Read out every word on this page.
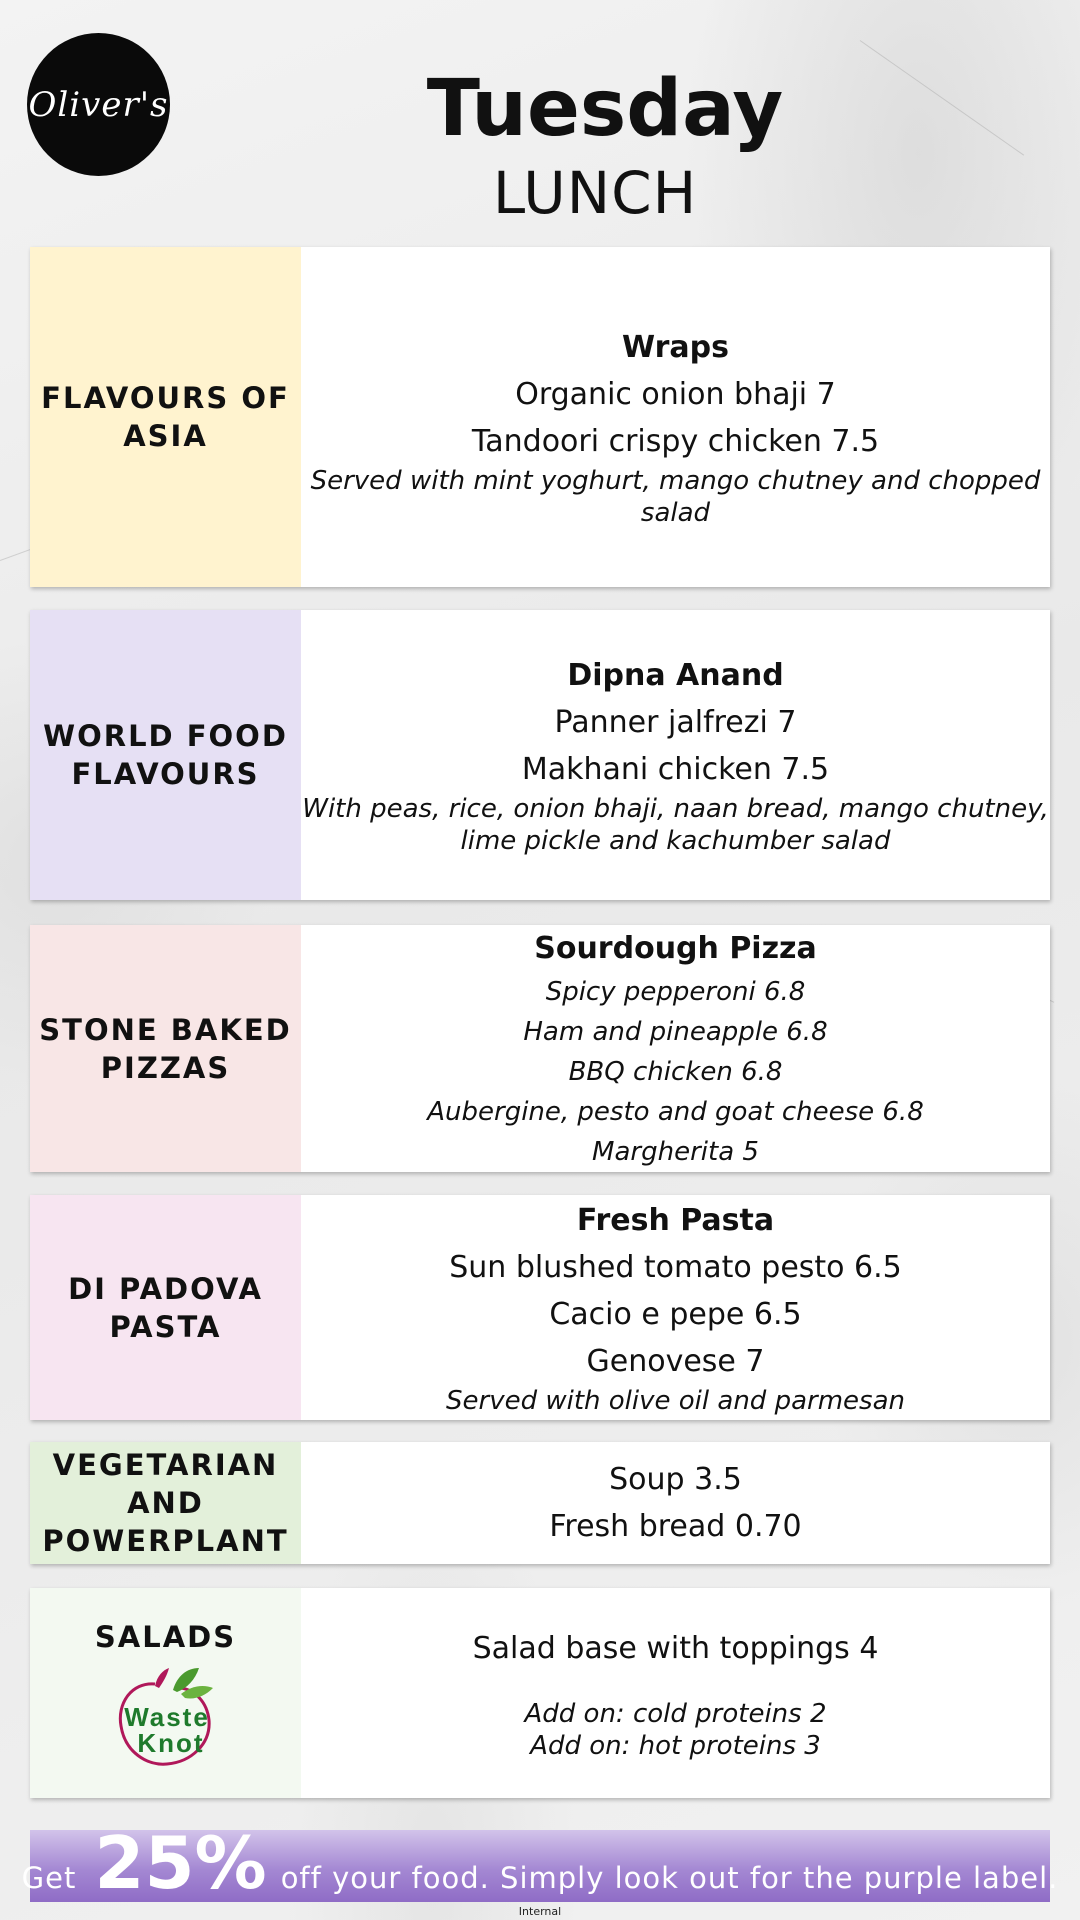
Oliver's	Tuesday
LUNCH
FLAVOURS OF
ASIA
Wraps
Organic onion bhaji 7
Tandoori crispy chicken 7.5
Served with mint yoghurt, mango chutney and chopped
salad
WORLD FOOD
FLAVOURS
Dipna Anand
Panner jalfrezi 7
Makhani chicken 7.5
With peas, rice, onion bhaji, naan bread, mango chutney,
lime pickle and kachumber salad
STONE BAKED
PIZZAS
Sourdough Pizza
Spicy pepperoni 6.8
Ham and pineapple 6.8
BBQ chicken 6.8
Aubergine, pesto and goat cheese 6.8
Margherita 5
DI PADOVA
PASTA
Fresh Pasta
Sun blushed tomato pesto 6.5
Cacio e pepe 6.5
Genovese 7
Served with olive oil and parmesan
VEGETARIAN
AND
POWERPLANT
Soup 3.5
Fresh bread 0.70
SALADS
Waste
Knot
Salad base with toppings 4
Add on: cold proteins 2
Add on: hot proteins 3
Get 25% off your food. Simply look out for the purple label.
Internal
